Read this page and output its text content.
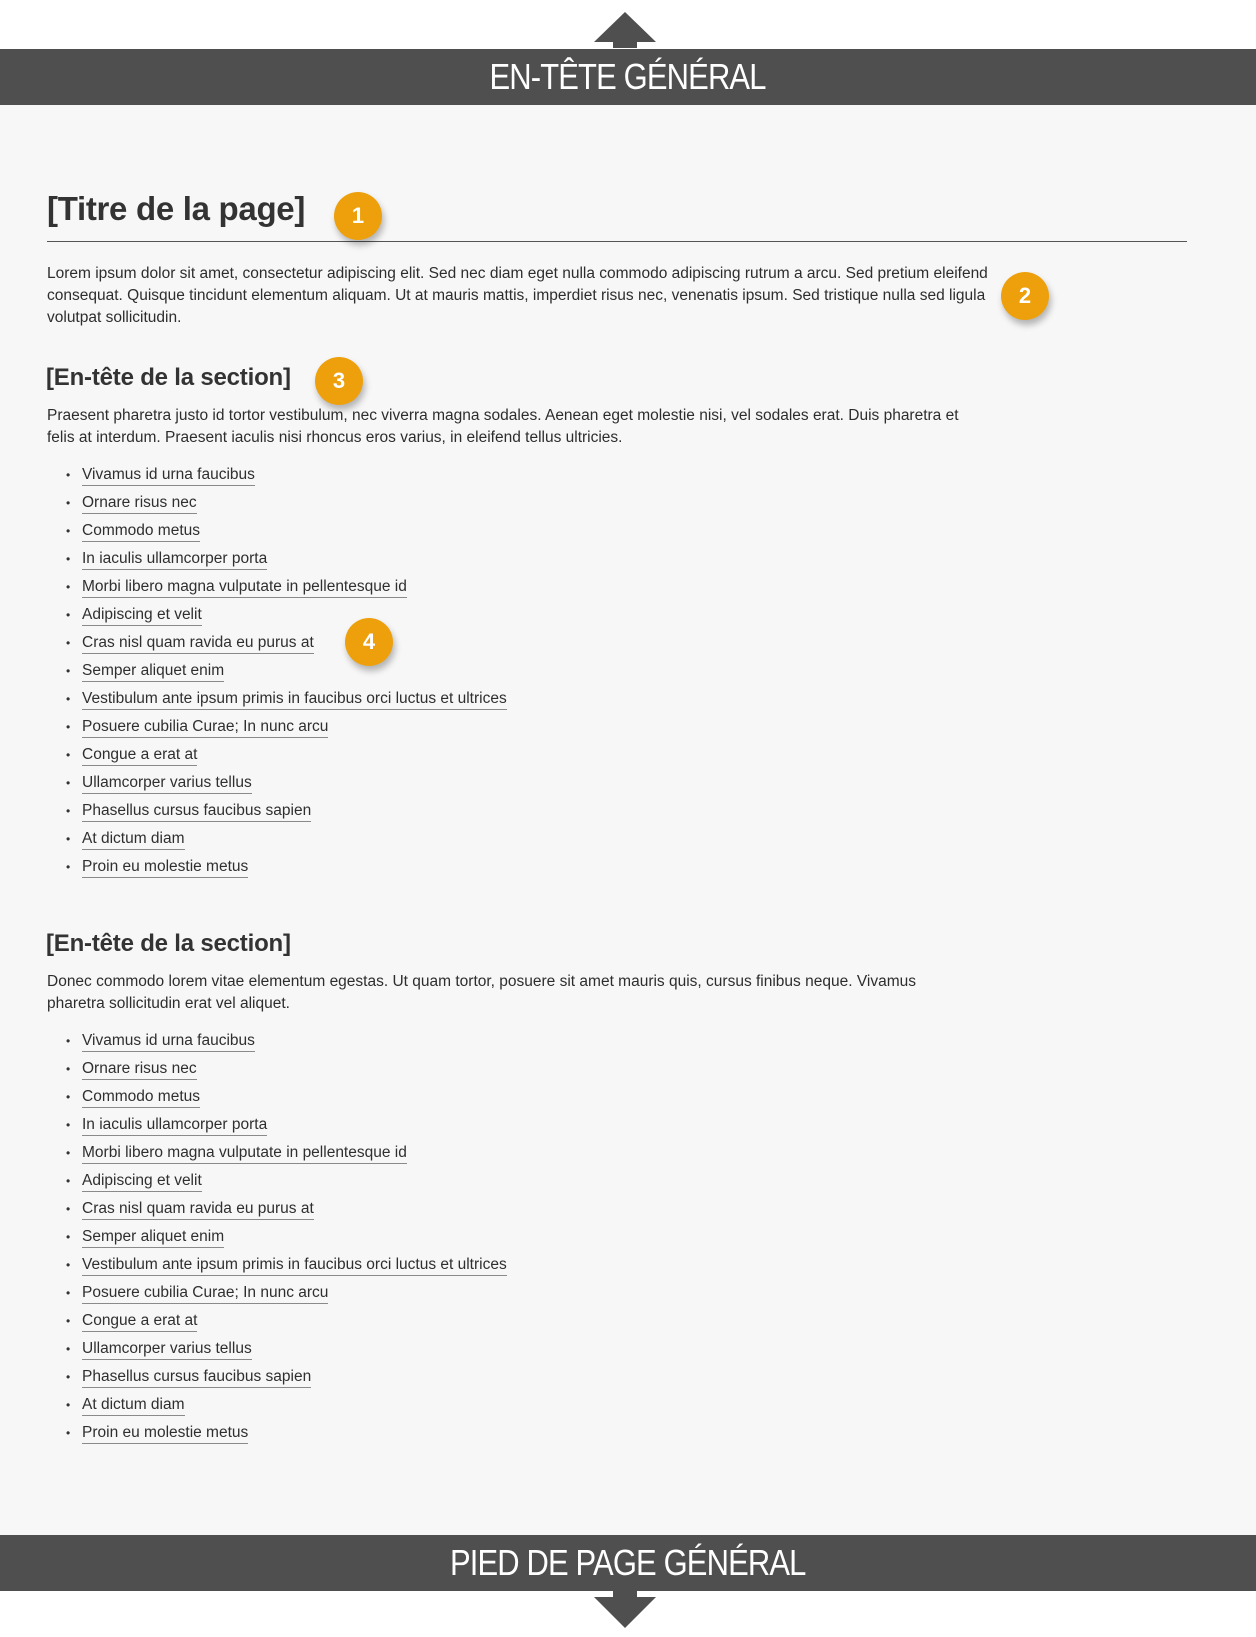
EN-TÊTE GÉNÉRAL
[Titre de la page] 1

Lorem ipsum dolor sit amet, consectetur adipiscing elit. Sed nec diam eget nulla commodo adipiscing rutrum a arcu. Sed pretium eleifend consequat. Quisque tincidunt elementum aliquam. Ut at mauris mattis, imperdiet risus nec, venenatis ipsum. Sed tristique nulla sed ligula volutpat sollicitudin.

2
[En-tête de la section] 3

Praesent pharetra justo id tortor vestibulum, nec viverra magna sodales. Aenean eget molestie nisi, vel sodales erat. Duis pharetra et felis at interdum. Praesent iaculis nisi rhoncus eros varius, in eleifend tellus ultricies.

• Vivamus id urna faucibus
• Ornare risus nec
• Commodo metus
• In iaculis ullamcorper porta
• Morbi libero magna vulputate in pellentesque id
• Adipiscing et velit
• Cras nisl quam ravida eu purus at
• Semper aliquet enim
• Vestibulum ante ipsum primis in faucibus orci luctus et ultrices
• Posuere cubilia Curae; In nunc arcu
• Congue a erat at
• Ullamcorper varius tellus
• Phasellus cursus faucibus sapien
• At dictum diam
• Proin eu molestie metus
4
[En-tête de la section]

Donec commodo lorem vitae elementum egestas. Ut quam tortor, posuere sit amet mauris quis, cursus finibus neque. Vivamus pharetra sollicitudin erat vel aliquet.

• Vivamus id urna faucibus
• Ornare risus nec
• Commodo metus
• In iaculis ullamcorper porta
• Morbi libero magna vulputate in pellentesque id
• Adipiscing et velit
• Cras nisl quam ravida eu purus at
• Semper aliquet enim
• Vestibulum ante ipsum primis in faucibus orci luctus et ultrices
• Posuere cubilia Curae; In nunc arcu
• Congue a erat at
• Ullamcorper varius tellus
• Phasellus cursus faucibus sapien
• At dictum diam
• Proin eu molestie metus
PIED DE PAGE GÉNÉRAL
